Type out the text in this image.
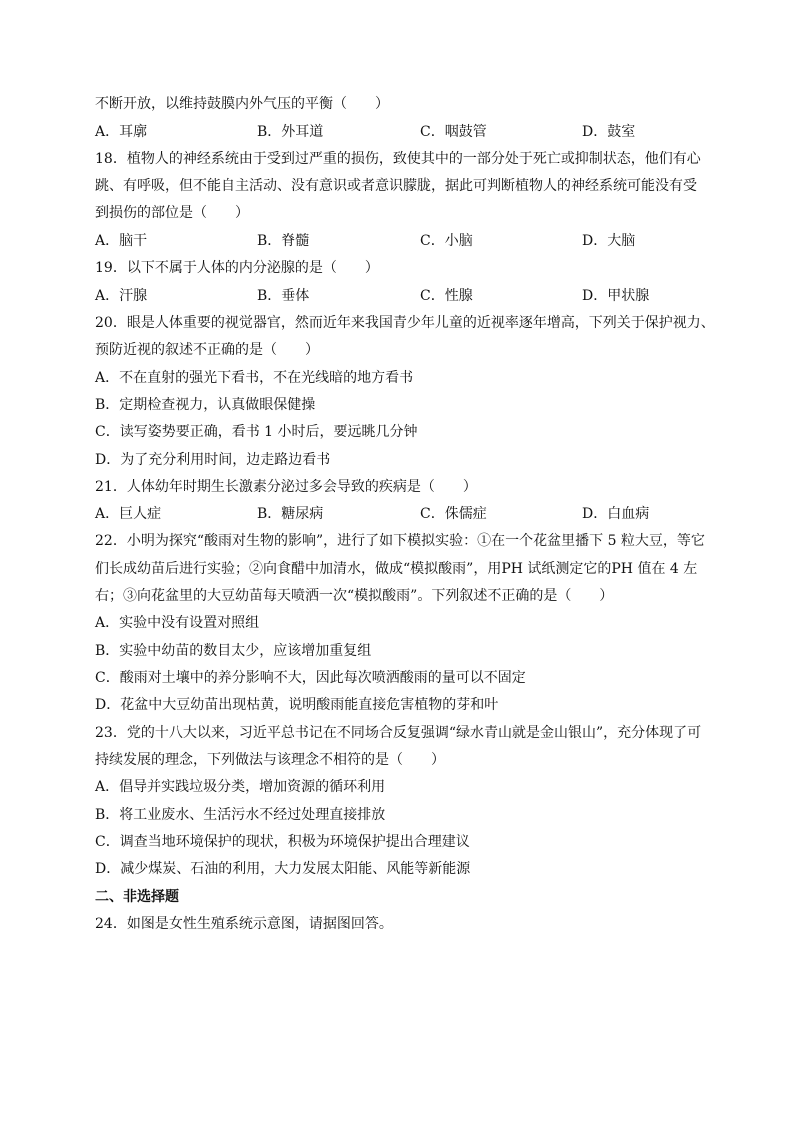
不断开放，以维持鼓膜内外气压的平衡（　　）
A．耳廓	B．外耳道	C．咽鼓管	D．鼓室
18．植物人的神经系统由于受到过严重的损伤，致使其中的一部分处于死亡或抑制状态，他们有心
跳、有呼吸，但不能自主活动、没有意识或者意识朦胧，据此可判断植物人的神经系统可能没有受
到损伤的部位是（　　）
A．脑干	B．脊髓	C．小脑	D．大脑
19．以下不属于人体的内分泌腺的是（　　）
A．汗腺	B．垂体	C．性腺	D．甲状腺
20．眼是人体重要的视觉器官，然而近年来我国青少年儿童的近视率逐年增高，下列关于保护视力、
预防近视的叙述不正确的是（　　）
A．不在直射的强光下看书，不在光线暗的地方看书
B．定期检查视力，认真做眼保健操
C．读写姿势要正确，看书 1 小时后，要远眺几分钟
D．为了充分利用时间，边走路边看书
21．人体幼年时期生长激素分泌过多会导致的疾病是（　　）
A．巨人症	B．糖尿病	C．侏儒症	D．白血病
22．小明为探究“酸雨对生物的影响”，进行了如下模拟实验：①在一个花盆里播下 5 粒大豆，等它
们长成幼苗后进行实验；②向食醋中加清水，做成“模拟酸雨”，用PH 试纸测定它的PH 值在 4 左
右；③向花盆里的大豆幼苗每天喷洒一次“模拟酸雨”。下列叙述不正确的是（　　）
A．实验中没有设置对照组
B．实验中幼苗的数目太少，应该增加重复组
C．酸雨对土壤中的养分影响不大，因此每次喷洒酸雨的量可以不固定
D．花盆中大豆幼苗出现枯黄，说明酸雨能直接危害植物的芽和叶
23．党的十八大以来，习近平总书记在不同场合反复强调“绿水青山就是金山银山”，充分体现了可
持续发展的理念，下列做法与该理念不相符的是（　　）
A．倡导并实践垃圾分类，增加资源的循环利用
B．将工业废水、生活污水不经过处理直接排放
C．调查当地环境保护的现状，积极为环境保护提出合理建议
D．减少煤炭、石油的利用，大力发展太阳能、风能等新能源
二、非选择题
24．如图是女性生殖系统示意图，请据图回答。
